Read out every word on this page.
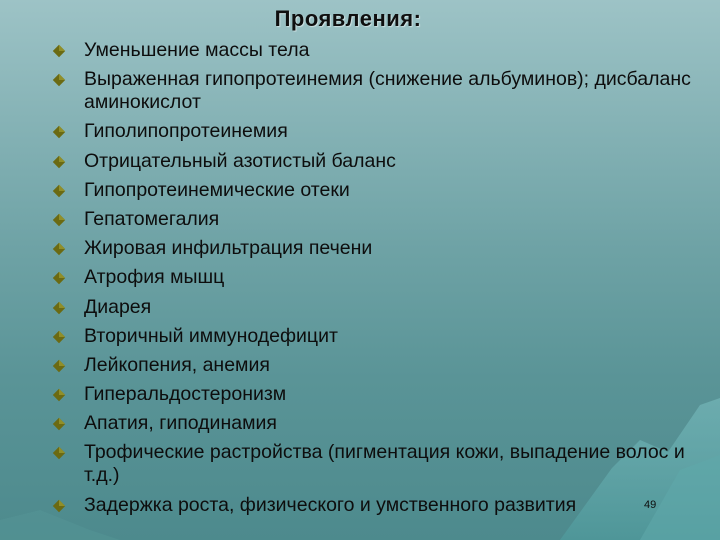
Проявления:
Уменьшение массы тела
Выраженная гипопротеинемия (снижение альбуминов); дисбаланс аминокислот
Гиполипопротеинемия
Отрицательный азотистый баланс
Гипопротеинемические отеки
Гепатомегалия
Жировая инфильтрация печени
Атрофия мышц
Диарея
Вторичный иммунодефицит
Лейкопения, анемия
Гиперальдостеронизм
Апатия, гиподинамия
Трофические растройства (пигментация кожи, выпадение волос и т.д.)
Задержка роста, физического и умственного развития	49
